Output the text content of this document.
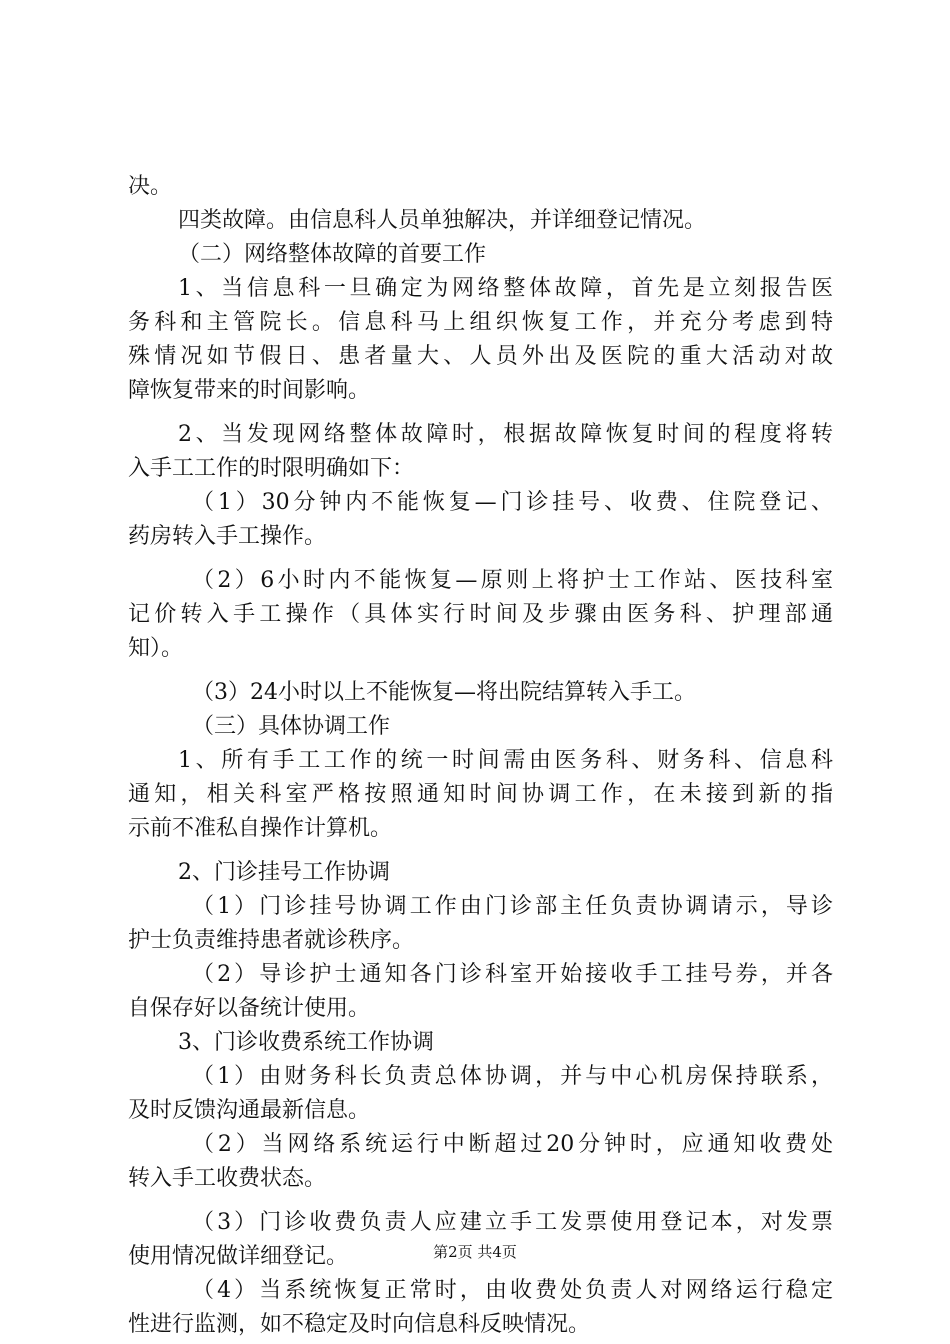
决。
四类故障。由信息科人员单独解决，并详细登记情况。
（二）网络整体故障的首要工作
1、当信息科一旦确定为网络整体故障，首先是立刻报告医
务科和主管院长。信息科马上组织恢复工作，并充分考虑到特
殊情况如节假日、患者量大、人员外出及医院的重大活动对故
障恢复带来的时间影响。
2、当发现网络整体故障时，根据故障恢复时间的程度将转
入手工工作的时限明确如下：
（1）30分钟内不能恢复—门诊挂号、收费、住院登记、
药房转入手工操作。
（2）6小时内不能恢复—原则上将护士工作站、医技科室
记价转入手工操作（具体实行时间及步骤由医务科、护理部通
知）。
（3）24小时以上不能恢复—将出院结算转入手工。
（三）具体协调工作
1、所有手工工作的统一时间需由医务科、财务科、信息科
通知，相关科室严格按照通知时间协调工作，在未接到新的指
示前不准私自操作计算机。
2、门诊挂号工作协调
（1）门诊挂号协调工作由门诊部主任负责协调请示，导诊
护士负责维持患者就诊秩序。
（2）导诊护士通知各门诊科室开始接收手工挂号券，并各
自保存好以备统计使用。
3、门诊收费系统工作协调
（1）由财务科长负责总体协调，并与中心机房保持联系，
及时反馈沟通最新信息。
（2）当网络系统运行中断超过20分钟时，应通知收费处
转入手工收费状态。
（3）门诊收费负责人应建立手工发票使用登记本，对发票
使用情况做详细登记。
（4）当系统恢复正常时，由收费处负责人对网络运行稳定
性进行监测，如不稳定及时向信息科反映情况。
第2页 共4页
